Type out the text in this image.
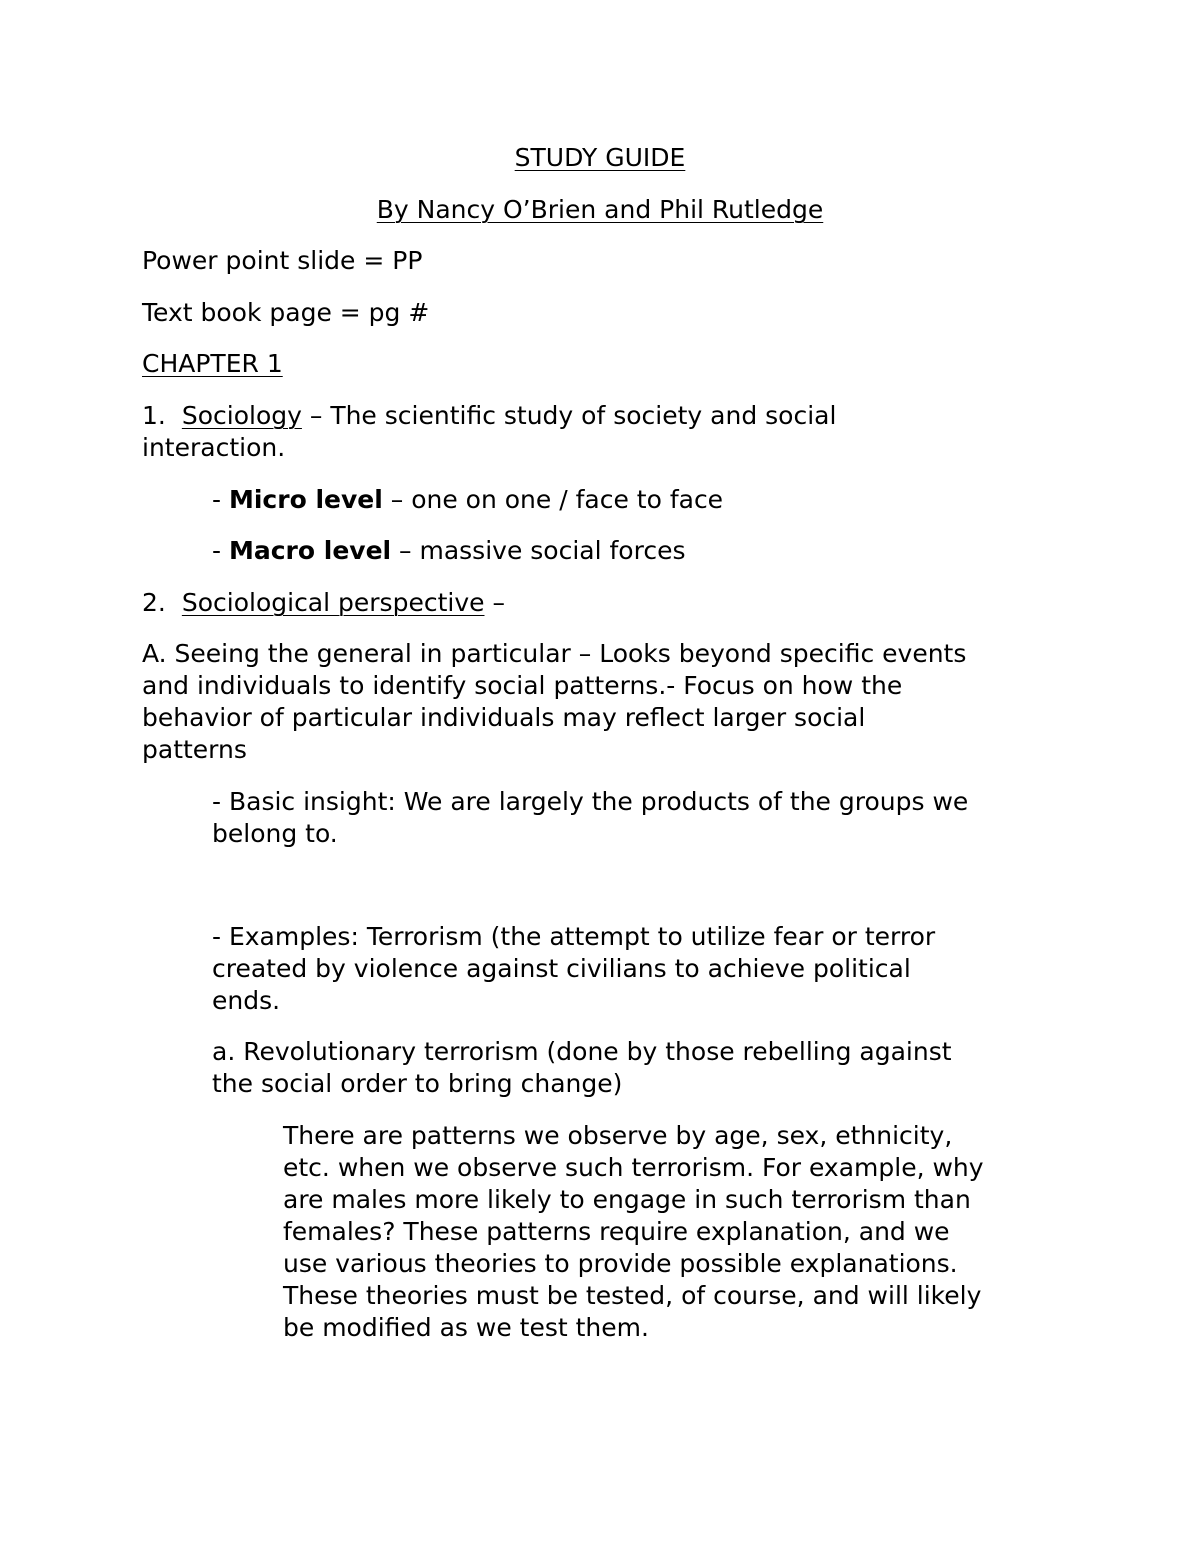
STUDY GUIDE
By Nancy O’Brien and Phil Rutledge
Power point slide = PP
Text book page = pg #
CHAPTER 1
1. Sociology – The scientific study of society and social
interaction.
- Micro level – one on one / face to face
- Macro level – massive social forces
2. Sociological perspective –
A. Seeing the general in particular – Looks beyond specific events
and individuals to identify social patterns.- Focus on how the
behavior of particular individuals may reflect larger social
patterns
- Basic insight: We are largely the products of the groups we
belong to.
- Examples: Terrorism (the attempt to utilize fear or terror
created by violence against civilians to achieve political
ends.
a. Revolutionary terrorism (done by those rebelling against
the social order to bring change)
There are patterns we observe by age, sex, ethnicity,
etc. when we observe such terrorism. For example, why
are males more likely to engage in such terrorism than
females? These patterns require explanation, and we
use various theories to provide possible explanations.
These theories must be tested, of course, and will likely
be modified as we test them.
